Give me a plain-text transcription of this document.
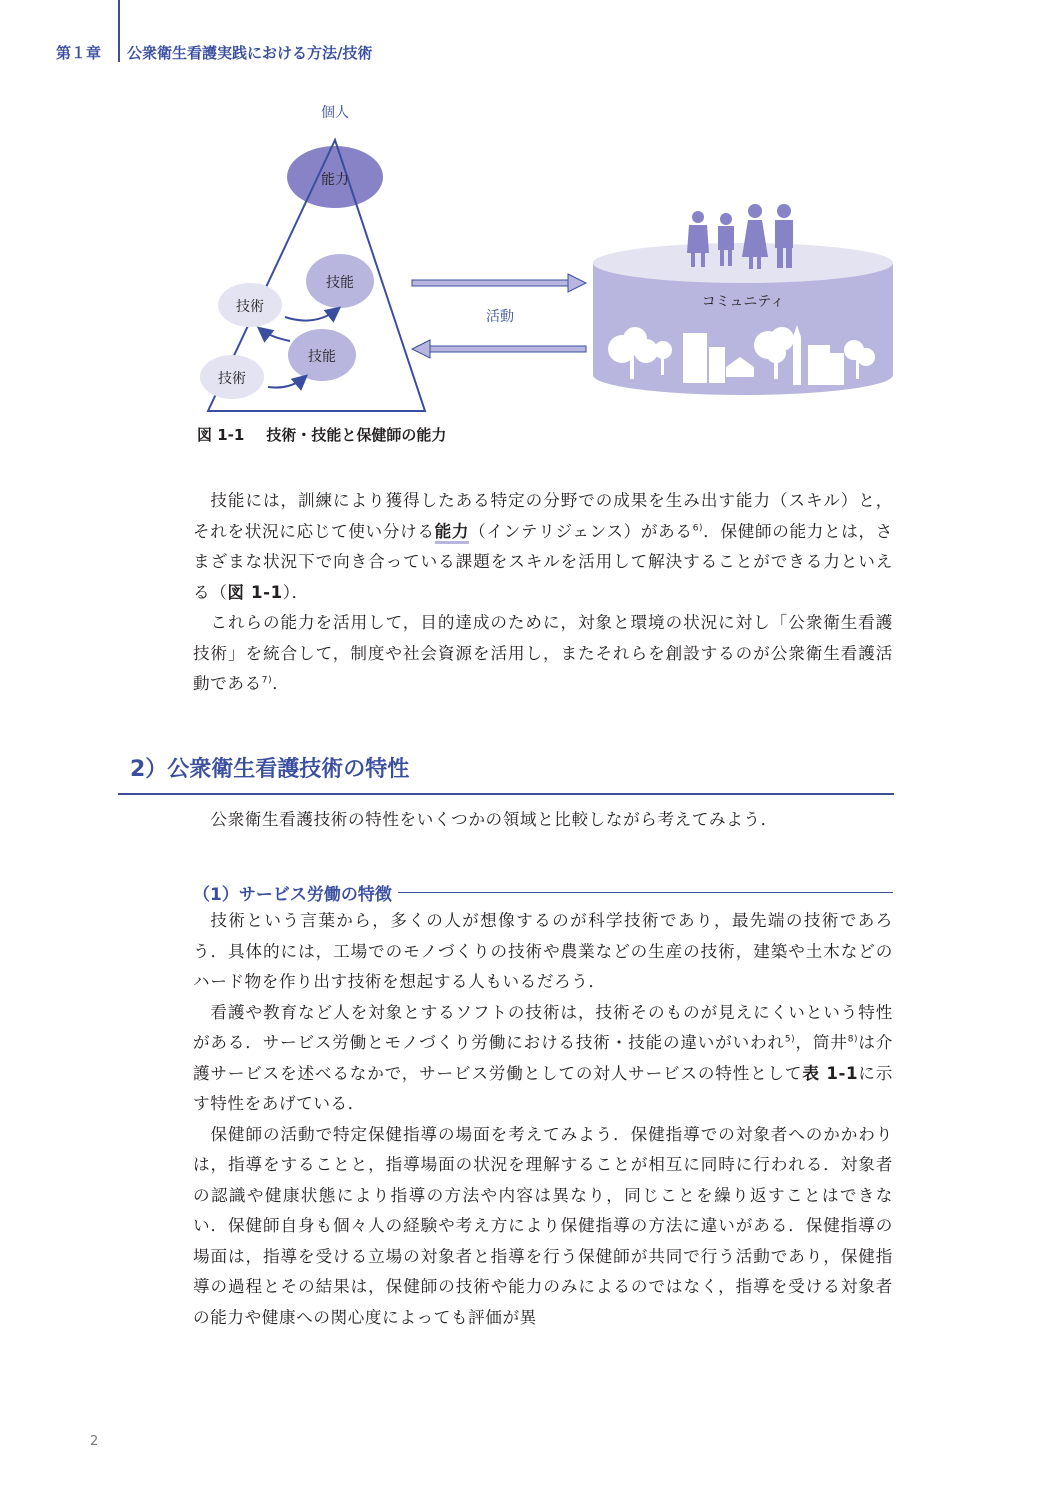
第１章 公衆衛生看護実践における方法/技術
個人
能力
技能
技能
技術
技術
活動
コミュニティ
図 1-1 技術・技能と保健師の能力

技能には，訓練により獲得したある特定の分野での成果を生み出す能力（スキル）と，それを状況に応じて使い分ける能力（インテリジェンス）がある$^{6)}$．保健師の能力とは，さまざまな状況下で向き合っている課題をスキルを活用して解決することができる力といえる（図 1-1）．

これらの能力を活用して，目的達成のために，対象と環境の状況に対し「公衆衛生看護技術」を統合して，制度や社会資源を活用し，またそれらを創設するのが公衆衛生看護活動である$^{7)}$．

2）公衆衛生看護技術の特性

公衆衛生看護技術の特性をいくつかの領域と比較しながら考えてみよう．

（1）サービス労働の特徴

技術という言葉から，多くの人が想像するのが科学技術であり，最先端の技術であろう．具体的には，工場でのモノづくりの技術や農業などの生産の技術，建築や土木などのハード物を作り出す技術を想起する人もいるだろう．

看護や教育など人を対象とするソフトの技術は，技術そのものが見えにくいという特性がある．サービス労働とモノづくり労働における技術・技能の違いがいわれ$^{5)}$，筒井$^{8)}$は介護サービスを述べるなかで，サービス労働としての対人サービスの特性として表 1-1に示す特性をあげている．

保健師の活動で特定保健指導の場面を考えてみよう．保健指導での対象者へのかかわりは，指導をすることと，指導場面の状況を理解することが相互に同時に行われる．対象者の認識や健康状態により指導の方法や内容は異なり，同じことを繰り返すことはできない．保健師自身も個々人の経験や考え方により保健指導の方法に違いがある．保健指導の場面は，指導を受ける立場の対象者と指導を行う保健師が共同で行う活動であり，保健指導の過程とその結果は，保健師の技術や能力のみによるのではなく，指導を受ける対象者の能力や健康への関心度によっても評価が異

2
